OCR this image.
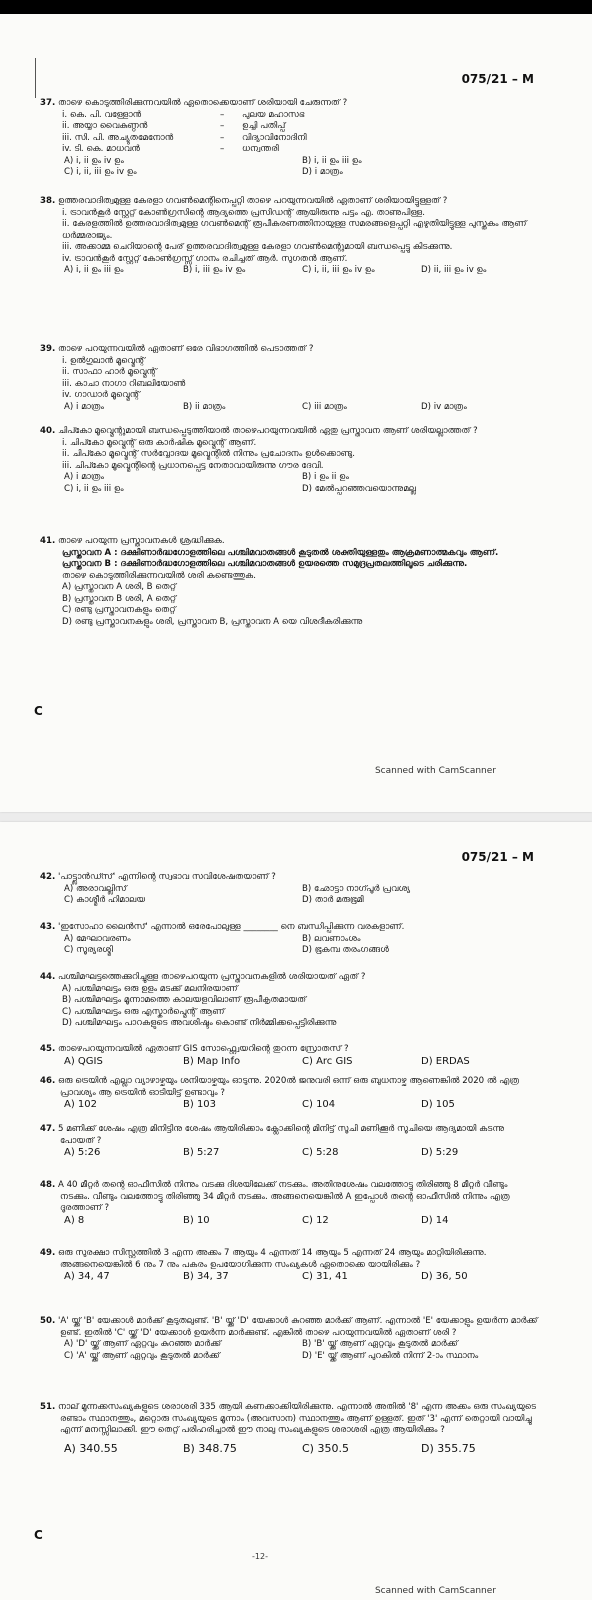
075/21 – M
37. താഴെ കൊടുത്തിരിക്കുന്നവയിൽ ഏതൊക്കെയാണ് ശരിയായി ചേരുന്നത് ?
i. കെ. പി. വള്ളോൻ	–	പുലയ മഹാസഭ
ii. അയ്യാ വൈകുണ്ഠൻ	–	ഉച്ചി പതിപ്പ്
iii. സി. പി. അച്യുതമേനോൻ	–	വിദ്യാവിനോദിനി
iv. ടി. കെ. മാധവൻ	–	ധന്വന്തരി
A) i, ii ഉം iv ഉം	B) i, ii ഉം iii ഉം
C) i, ii, iii ഉം iv ഉം	D) i മാത്രം
38. ഉത്തരവാദിത്വമുള്ള കേരളാ ഗവൺമെന്റിനെപ്പറ്റി താഴെ പറയുന്നവയിൽ ഏതാണ് ശരിയായിട്ടുള്ളത് ?
i. ട്രാവൻകൂർ സ്റ്റേറ്റ് കോൺഗ്രസിന്റെ ആദ്യത്തെ പ്രസിഡന്റ് ആയിരുന്നു പട്ടം എ. താണുപിള്ള.
ii. കേരളത്തിൽ ഉത്തരവാദിത്വമുള്ള ഗവൺമെന്റ് രൂപീകരണത്തിനായുള്ള സമരങ്ങളെപ്പറ്റി എഴുതിയിട്ടുള്ള പുസ്തകം ആണ് ധർമ്മരാജ്യം.
iii. അക്കാമ്മ ചെറിയാന്റെ പേര് ഉത്തരവാദിത്വമുള്ള കേരളാ ഗവൺമെന്റുമായി ബന്ധപ്പെട്ടു കിടക്കുന്നു.
iv. ട്രാവൻകൂർ സ്റ്റേറ്റ് കോൺഗ്രസ്സ് ഗാനം രചിച്ചത് ആർ. സുഗതൻ ആണ്.
A) i, ii ഉം iii ഉം	B) i, iii ഉം iv ഉം	C) i, ii, iii ഉം iv ഉം	D) ii, iii ഉം iv ഉം
39. താഴെ പറയുന്നവയിൽ ഏതാണ് ഒരേ വിഭാഗത്തിൽ പെടാത്തത് ?
i. ഉൽഗുലാൻ മൂവ്മെന്റ്
ii. സാഫാ ഹാർ മൂവ്മെന്റ്
iii. കാചാ നാഗാ റിബലിയോൺ
iv. ഗാഡാർ മൂവ്മെന്റ്
A) i മാത്രം	B) ii മാത്രം	C) iii മാത്രം	D) iv മാത്രം
40. ചിപ്കോ മൂവ്മെന്റുമായി ബന്ധപ്പെടുത്തിയാൽ താഴെപറയുന്നവയിൽ ഏതു പ്രസ്താവന ആണ് ശരിയല്ലാത്തത് ?
i. ചിപ്കോ മൂവ്മെന്റ് ഒരു കാർഷിക മൂവ്മെന്റ് ആണ്.
ii. ചിപ്കോ മൂവ്മെന്റ് സർവ്വോദയ മൂവ്മെന്റിൽ നിന്നും പ്രചോദനം ഉൾക്കൊണ്ടു.
iii. ചിപ്കോ മൂവ്മെന്റിന്റെ പ്രധാനപ്പെട്ട നേതാവായിരുന്നു ഗൗര ദേവി.
A) i മാത്രം	B) i ഉം ii ഉം
C) i, ii ഉം iii ഉം	D) മേൽപ്പറഞ്ഞവയൊന്നുമല്ല
41. താഴെ പറയുന്ന പ്രസ്താവനകൾ ശ്രദ്ധിക്കുക.
പ്രസ്താവന A : ദക്ഷിണാർദ്ധഗോളത്തിലെ പശ്ചിമവാതങ്ങൾ കൂടുതൽ ശക്തിയുള്ളതും ആക്രമണാത്മകവും ആണ്.
പ്രസ്താവന B : ദക്ഷിണാർദ്ധഗോളത്തിലെ പശ്ചിമവാതങ്ങൾ ഉയരത്തെ സമുദ്രപ്രതലത്തിലൂടെ ചരിക്കുന്നു.
താഴെ കൊടുത്തിരിക്കുന്നവയിൽ ശരി കണ്ടെത്തുക.
A) പ്രസ്താവന A ശരി, B തെറ്റ്
B) പ്രസ്താവന B ശരി, A തെറ്റ്
C) രണ്ടു പ്രസ്താവനകളും തെറ്റ്
D) രണ്ടു പ്രസ്താവനകളും ശരി, പ്രസ്താവന B, പ്രസ്താവന A യെ വിശദീകരിക്കുന്നു
C
Scanned with CamScanner
075/21 – M
42. 'പാട്ട്ലാൻഡ്സ്' എന്നിന്റെ സ്വഭാവ സവിശേഷതയാണ് ?
A) അരാവല്ലിസ്	B) ഛോട്ടാ നാഗ്പൂർ പ്രവശ്യ
C) കാശ്മീർ ഹിമാലയ	D) താർ മരുഭൂമി
43. 'ഇസോഹാ ലൈൻസ്' എന്നാൽ ഒരേപോലുള്ള ________ നെ ബന്ധിപ്പിക്കുന്ന വരകളാണ്.
A) മേഘാവരണം	B) ലവണാംശം
C) സൂര്യരശ്മി	D) ഭൂകമ്പ തരംഗങ്ങൾ
44. പശ്ചിമഘട്ടത്തെക്കുറിച്ചുള്ള താഴെപറയുന്ന പ്രസ്താവനകളിൽ ശരിയായത് ഏത് ?
A) പശ്ചിമഘട്ടം ഒരു ഉളം മടക്ക് മലനിരയാണ്
B) പശ്ചിമഘട്ടം മൂന്നാമത്തെ കാലയളവിലാണ് രൂപീകൃതമായത്
C) പശ്ചിമഘട്ടം ഒരു എസ്കാർപ്മെന്റ് ആണ്
D) പശ്ചിമഘട്ടം പാറകളുടെ അവശിഷ്ടം കൊണ്ട് നിർമ്മിക്കപ്പെട്ടിരിക്കുന്നു
45. താഴെപറയുന്നവയിൽ ഏതാണ് GIS സോഫ്റ്റ്വെയറിന്റെ തുറന്ന സ്രോതസ് ?
A) QGIS	B) Map Info	C) Arc GIS	D) ERDAS
46. ഒരു ട്രെയിൻ എല്ലാ വ്യാഴാഴ്ചയും ശനിയാഴ്ചയും ഓടുന്നു. 2020ൽ ജനുവരി ഒന്ന് ഒരു ബുധനാഴ്ച ആണെങ്കിൽ 2020 ൽ എത്ര പ്രാവശ്യം ആ ട്രെയിൻ ഓടിയിട്ട് ഉണ്ടാവും ?
A) 102	B) 103	C) 104	D) 105
47. 5 മണിക്ക് ശേഷം എത്ര മിനിട്ടിനു ശേഷം ആയിരിക്കാം ക്ലോക്കിന്റെ മിനിട്ട് സൂചി മണിക്കൂർ സൂചിയെ ആദ്യമായി കടന്നു പോയത് ?
A) 5:26	B) 5:27	C) 5:28	D) 5:29
48. A 40 മീറ്റർ തന്റെ ഓഫീസിൽ നിന്നും വടക്കു ദിശയിലേക്ക് നടക്കും. അതിനുശേഷം വലത്തോട്ടു തിരിഞ്ഞു 8 മീറ്റർ വീണ്ടും നടക്കും. വീണ്ടും വലത്തോട്ടു തിരിഞ്ഞു 34 മീറ്റർ നടക്കും. അങ്ങനെയെങ്കിൽ A ഇപ്പോൾ തന്റെ ഓഫീസിൽ നിന്നും എത്ര ദൂരത്താണ് ?
A) 8	B) 10	C) 12	D) 14
49. ഒരു സുരക്ഷാ സിസ്റ്റത്തിൽ 3 എന്ന അക്കം 7 ആയും 4 എന്നത് 14 ആയും 5 എന്നത് 24 ആയും മാറ്റിയിരിക്കുന്നു. അങ്ങനെയെങ്കിൽ 6 നും 7 നും പകരം ഉപയോഗിക്കുന്ന സംഖ്യകൾ ഏതൊക്കെ യായിരിക്കും ?
A) 34, 47	B) 34, 37	C) 31, 41	D) 36, 50
50. 'A' യ്ക്ക് 'B' യേക്കാൾ മാർക്ക് കൂടുതലുണ്ട്. 'B' യ്ക്ക് 'D' യേക്കാൾ കുറഞ്ഞ മാർക്ക് ആണ്. എന്നാൽ 'E' യേക്കാളും ഉയർന്ന മാർക്ക് ഉണ്ട്. ഇതിൽ 'C' യ്ക്ക് 'D' യേക്കാൾ ഉയർന്ന മാർക്കുണ്ട്. എങ്കിൽ താഴെ പറയുന്നവയിൽ ഏതാണ് ശരി ?
A) 'D' യ്ക്ക് ആണ് ഏറ്റവും കുറഞ്ഞ മാർക്ക്	B) 'B' യ്ക്ക് ആണ് ഏറ്റവും കൂടുതൽ മാർക്ക്
C) 'A' യ്ക്ക് ആണ് ഏറ്റവും കൂടുതൽ മാർക്ക്	D) 'E' യ്ക്ക് ആണ് പുറകിൽ നിന്ന് 2-ാം സ്ഥാനം
51. നാല് മൂന്നക്കസംഖ്യകളുടെ ശരാശരി 335 ആയി കണക്കാക്കിയിരിക്കുന്നു. എന്നാൽ അതിൽ '8' എന്ന അക്കം ഒരു സംഖ്യയുടെ രണ്ടാം സ്ഥാനത്തും, മറ്റൊരു സംഖ്യയുടെ മൂന്നാം (അവസാന) സ്ഥാനത്തും ആണ് ഉള്ളത്. ഇത് '3' എന്ന് തെറ്റായി വായിച്ചു എന്ന് മനസ്സിലാക്കി. ഈ തെറ്റ് പരിഹരിച്ചാൽ ഈ നാലു സംഖ്യകളുടെ ശരാശരി എത്ര ആയിരിക്കും ?
A) 340.55	B) 348.75	C) 350.5	D) 355.75
C
-12-
Scanned with CamScanner
